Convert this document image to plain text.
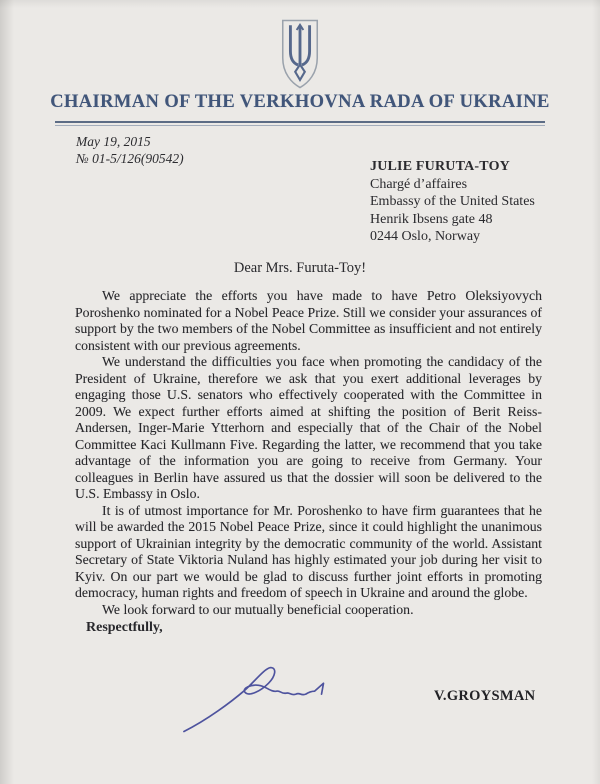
CHAIRMAN OF THE VERKHOVNA RADA OF UKRAINE
May 19, 2015
№ 01-5/126(90542)
JULIE FURUTA-TOY
Chargé d’affaires
Embassy of the United States
Henrik Ibsens gate 48
0244 Oslo, Norway
Dear Mrs. Furuta-Toy!

We appreciate the efforts you have made to have Petro Oleksiyovych Poroshenko nominated for a Nobel Peace Prize. Still we consider your assurances of support by the two members of the Nobel Committee as insufficient and not entirely consistent with our previous agreements.

We understand the difficulties you face when promoting the candidacy of the President of Ukraine, therefore we ask that you exert additional leverages by engaging those U.S. senators who effectively cooperated with the Committee in 2009. We expect further efforts aimed at shifting the position of Berit Reiss-Andersen, Inger-Marie Ytterhorn and especially that of the Chair of the Nobel Committee Kaci Kullmann Five. Regarding the latter, we recommend that you take advantage of the information you are going to receive from Germany. Your colleagues in Berlin have assured us that the dossier will soon be delivered to the U.S. Embassy in Oslo.

It is of utmost importance for Mr. Poroshenko to have firm guarantees that he will be awarded the 2015 Nobel Peace Prize, since it could highlight the unanimous support of Ukrainian integrity by the democratic community of the world. Assistant Secretary of State Viktoria Nuland has highly estimated your job during her visit to Kyiv. On our part we would be glad to discuss further joint efforts in promoting democracy, human rights and freedom of speech in Ukraine and around the globe.

We look forward to our mutually beneficial cooperation.

Respectfully,
V.GROYSMAN
